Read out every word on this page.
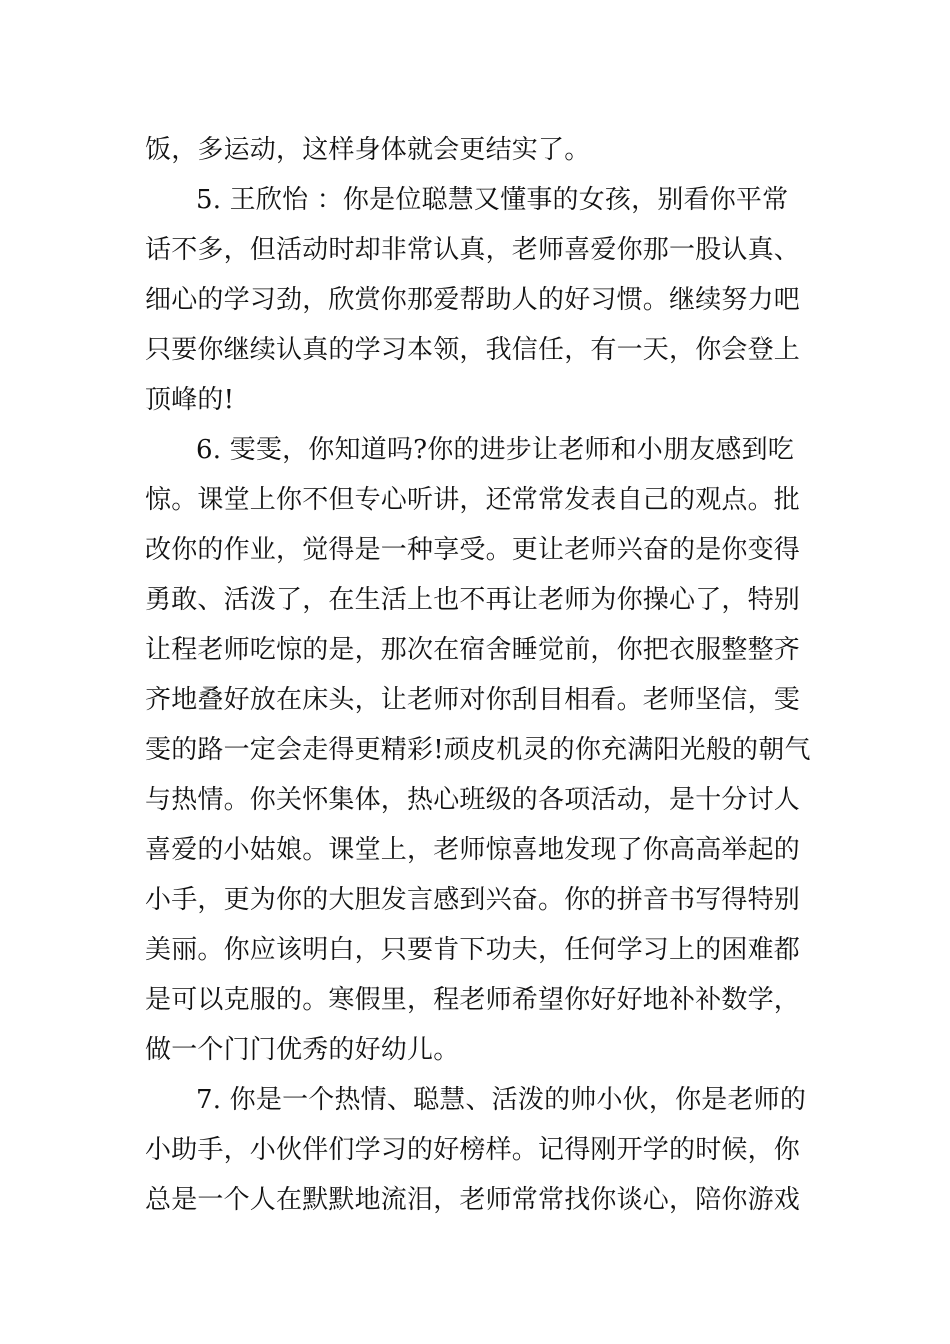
饭，多运动，这样身体就会更结实了。
5. 王欣怡 ：你是位聪慧又懂事的女孩，别看你平常
话不多，但活动时却非常认真，老师喜爱你那一股认真、
细心的学习劲，欣赏你那爱帮助人的好习惯。继续努力吧
只要你继续认真的学习本领，我信任，有一天，你会登上
顶峰的!
6. 雯雯，你知道吗?你的进步让老师和小朋友感到吃
惊。课堂上你不但专心听讲，还常常发表自己的观点。批
改你的作业，觉得是一种享受。更让老师兴奋的是你变得
勇敢、活泼了，在生活上也不再让老师为你操心了，特别
让程老师吃惊的是，那次在宿舍睡觉前，你把衣服整整齐
齐地叠好放在床头，让老师对你刮目相看。老师坚信，雯
雯的路一定会走得更精彩!顽皮机灵的你充满阳光般的朝气
与热情。你关怀集体，热心班级的各项活动，是十分讨人
喜爱的小姑娘。课堂上，老师惊喜地发现了你高高举起的
小手，更为你的大胆发言感到兴奋。你的拼音书写得特别
美丽。你应该明白，只要肯下功夫，任何学习上的困难都
是可以克服的。寒假里，程老师希望你好好地补补数学，
做一个门门优秀的好幼儿。
7. 你是一个热情、聪慧、活泼的帅小伙，你是老师的
小助手，小伙伴们学习的好榜样。记得刚开学的时候，你
总是一个人在默默地流泪，老师常常找你谈心，陪你游戏
